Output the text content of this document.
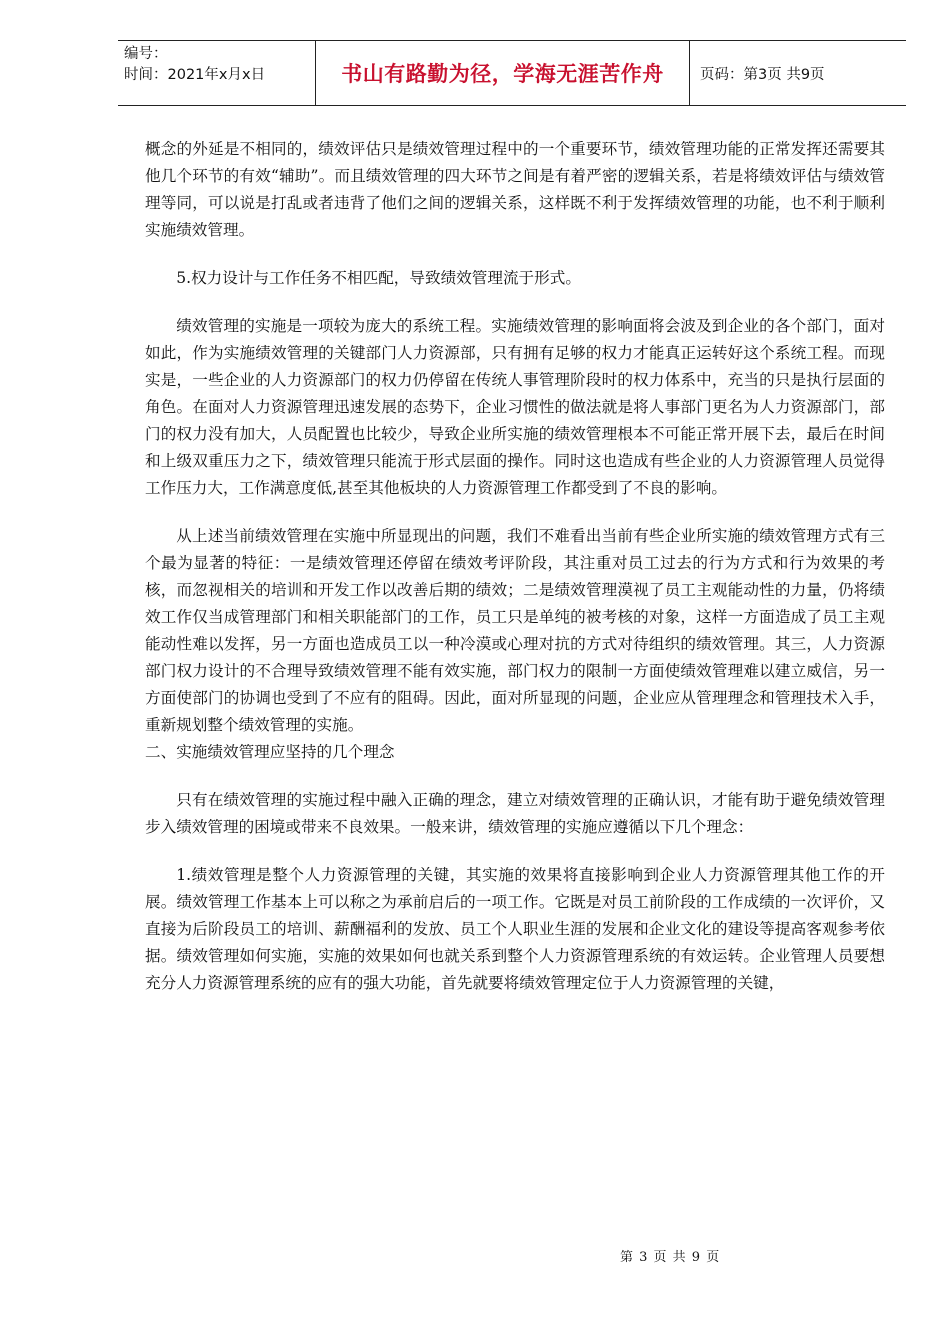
编号：
时间：2021年x月x日	书山有路勤为径，学海无涯苦作舟	页码：第3页 共9页

概念的外延是不相同的，绩效评估只是绩效管理过程中的一个重要环节，绩效管理功能的正常发挥还需要其他几个环节的有效“辅助”。而且绩效管理的四大环节之间是有着严密的逻辑关系，若是将绩效评估与绩效管理等同，可以说是打乱或者违背了他们之间的逻辑关系，这样既不利于发挥绩效管理的功能，也不利于顺利实施绩效管理。

5.权力设计与工作任务不相匹配，导致绩效管理流于形式。

绩效管理的实施是一项较为庞大的系统工程。实施绩效管理的影响面将会波及到企业的各个部门，面对如此，作为实施绩效管理的关键部门人力资源部，只有拥有足够的权力才能真正运转好这个系统工程。而现实是，一些企业的人力资源部门的权力仍停留在传统人事管理阶段时的权力体系中，充当的只是执行层面的角色。在面对人力资源管理迅速发展的态势下，企业习惯性的做法就是将人事部门更名为人力资源部门，部门的权力没有加大，人员配置也比较少，导致企业所实施的绩效管理根本不可能正常开展下去，最后在时间和上级双重压力之下，绩效管理只能流于形式层面的操作。同时这也造成有些企业的人力资源管理人员觉得工作压力大，工作满意度低,甚至其他板块的人力资源管理工作都受到了不良的影响。

从上述当前绩效管理在实施中所显现出的问题，我们不难看出当前有些企业所实施的绩效管理方式有三个最为显著的特征：一是绩效管理还停留在绩效考评阶段，其注重对员工过去的行为方式和行为效果的考核，而忽视相关的培训和开发工作以改善后期的绩效；二是绩效管理漠视了员工主观能动性的力量，仍将绩效工作仅当成管理部门和相关职能部门的工作，员工只是单纯的被考核的对象，这样一方面造成了员工主观能动性难以发挥，另一方面也造成员工以一种冷漠或心理对抗的方式对待组织的绩效管理。其三，人力资源部门权力设计的不合理导致绩效管理不能有效实施，部门权力的限制一方面使绩效管理难以建立威信，另一方面使部门的协调也受到了不应有的阻碍。因此，面对所显现的问题，企业应从管理理念和管理技术入手，重新规划整个绩效管理的实施。

二、实施绩效管理应坚持的几个理念

只有在绩效管理的实施过程中融入正确的理念，建立对绩效管理的正确认识，才能有助于避免绩效管理步入绩效管理的困境或带来不良效果。一般来讲，绩效管理的实施应遵循以下几个理念：

1.绩效管理是整个人力资源管理的关键，其实施的效果将直接影响到企业人力资源管理其他工作的开展。绩效管理工作基本上可以称之为承前启后的一项工作。它既是对员工前阶段的工作成绩的一次评价，又直接为后阶段员工的培训、薪酬福利的发放、员工个人职业生涯的发展和企业文化的建设等提高客观参考依据。绩效管理如何实施，实施的效果如何也就关系到整个人力资源管理系统的有效运转。企业管理人员要想充分人力资源管理系统的应有的强大功能，首先就要将绩效管理定位于人力资源管理的关键，

第 3 页 共 9 页
